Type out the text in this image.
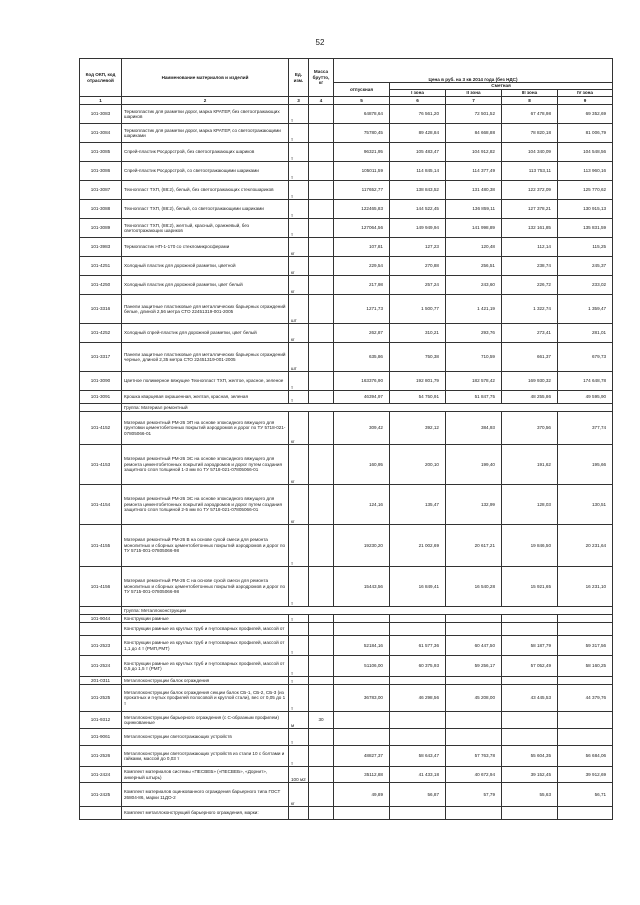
52
Код ОКП, код отраслевой	Наименование материалов и изделий	Ед. изм.	Масса брутто, кг	Цена в руб. на 3 кв 2014 года (без НДС)				
				отпускная	Сметная			
					I зона	II зона	III зона	IV зона
1	2	3	4	5	6	7	8	9
101-3083	Термопластик для разметки дорог, марка КРАТЕР, без светоотражающих шариков	т		64878,64	76 561,20	72 501,52	67 478,98	69 352,69
101-3084	Термопластик для разметки дорог, марка КРАТЕР, со светоотражающими шариками	т		75780,45	89 428,84	84 668,88	78 820,18	81 006,79
101-3085	Спрей-пластик Росдорстрой, без светоотражающих шариков	т		96321,95	105 483,47	104 912,82	104 340,09	104 548,56
101-3086	Спрей-пластик Росдорстрой, со светоотражающими шариками	т		105011,59	114 845,14	114 377,49	113 753,11	113 960,16
101-3087	Технопласт ТХП, (88:2), белый, без светоотражающих стеклошариков	т		117652,77	138 843,52	131 480,38	122 372,09	125 770,62
101-3088	Технопласт ТХП, (88:2), белый, со светоотражающими шариками	т		122465,83	144 522,45	136 859,11	127 378,21	130 915,13
101-3089	Технопласт ТХП, (88:2), желтый, красный, оранжевый, без светоотражающих шариков	т		127064,56	149 949,94	141 998,89	132 161,85	135 831,59
101-3983	Термопластик НП-1-170 со стекломикросферами	кг		107,81	127,23	120,48	112,14	115,25
101-4251	Холодный пластик для дорожной разметки, цветной	кг		229,54	270,88	256,51	238,74	245,37
101-4250	Холодный пластик для дорожной разметки, цвет белый	кг		217,98	257,24	243,60	226,72	233,02
101-3316	Панели защитные пластиковые для металлических барьерных ограждений белые, длиной 2,56 метра СТО 22451319-001-2005	шт		1271,73	1 500,77	1 421,19	1 322,74	1 359,47
101-4252	Холодный спрей-пластик для дорожной разметки, цвет белый	кг		262,87	310,21	293,76	273,41	281,01
101-3317	Панели защитные пластиковые для металлических барьерных ограждений черные, длиной 2,35 метра СТО 22451319-001-2005	шт		635,86	750,38	710,59	661,37	679,73
101-3090	Цветное полимерное вяжущее Технопласт ТХП, желтое, красное, зеленое	т		163376,90	192 801,79	182 578,42	169 930,32	174 648,78
101-3091	Крошка кварцевая окрашенная, желтая, красная, зеленая	т		46394,97	54 750,91	51 847,75	48 255,86	49 595,90
	Группа: Материал ремонтный							
101-4152	Материал ремонтный РМ-26 ЭП на основе эпоксидного вяжущего для грунтовки цементобетонных покрытий аэродромов и дорог по ТУ 5718-021-07805066-01	кг		309,42	392,12	384,93	370,56	377,74
101-4153	Материал ремонтный РМ-26 ЭС на основе эпоксидного вяжущего для ремонта цементобетонных покрытий аэродромов и дорог путем создания защитного слоя толщиной 1-3 мм по ТУ 5718-021-07805066-01	кг		160,95	200,10	199,40	191,62	195,66
101-4154	Материал ремонтный РМ-26 ЭС на основе эпоксидного вяжущего для ремонта цементобетонных покрытий аэродромов и дорог путем создания защитного слоя толщиной 2-5 мм по ТУ 5718-021-07805066-01	кг		124,16	135,47	132,99	128,03	130,51
101-4155	Материал ремонтный РМ-26 В на основе сухой смеси для ремонта монолитных и сборных цементобетонных покрытий аэродромов и дорог по ТУ 5715-001-07805066-98	т		19230,20	21 002,69	20 617,21	19 846,50	20 231,64
101-4156	Материал ремонтный РМ-26 С на основе сухой смеси для ремонта монолитных и сборных цементобетонных покрытий аэродромов и дорог по ТУ 5715-001-07805066-98	т		15443,56	16 849,41	16 540,28	15 921,65	16 231,10
	Группа: Металлоконструкции							
101-9044	Конструкции рамные	т						
	Конструкции рамные из круглых труб и гнутосварных профилей, массой от							
101-2523	Конструкции рамные из круглых труб и гнутосварных профилей, массой от 1,1 до 4 т (РМП,РМТ)	т		52184,16	61 577,36	60 447,50	58 187,79	59 317,56
101-2524	Конструкции рамные из круглых труб и гнутосварных профилей, массой от 0,5 до 1,5 т (РМГ)	т		51106,00	60 375,93	59 256,17	57 052,49	58 160,25
201-0311	Металлоконструкции балок ограждения	т						
101-2525	Металлоконструкции балок ограждения секции балок СБ-1, СБ-2, СБ-3 (из прокатных и гнутых профилей полосовой и круглой стали), вес от 0,05 до 1 т	т		36783,00	46 298,56	45 208,00	43 445,53	44 379,76
101-9312	Металлоконструкции барьерного ограждения (с С-образным профилем) оцинкованные	м	30					
101-9061	Металлоконструкции светоотражающих устройств	т						
101-2526	Металлоконструкции светоотражающих устройств из стали 10 с болтами и гайками, массой до 0,03 т	т		48827,37	58 643,47	57 763,78	55 604,35	56 684,06
101-2424	Комплект материалов системы «ПЕСВЕБ» («ПЕСВЕБ», «Дорнит», анкерный штырь)	100 м2		35112,88	41 433,18	40 672,94	39 152,45	39 912,69
101-2425	Комплект материалов оцинкованного ограждения барьерного типа ГОСТ 26804-86, марки 11ДО-2	кг		49,89	56,87	57,79	55,63	56,71
	Комплект металлоконструкций барьерного ограждения, марки:							
